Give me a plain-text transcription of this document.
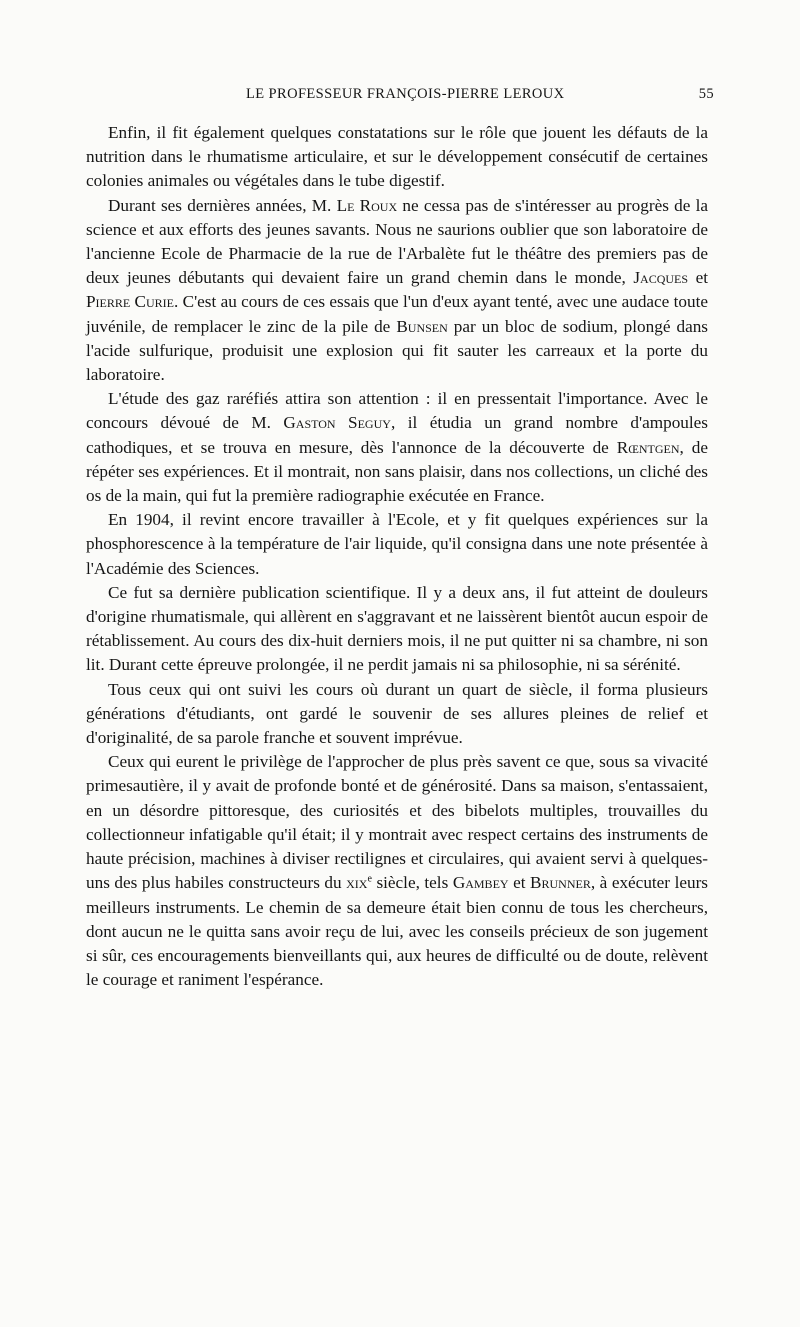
LE PROFESSEUR FRANÇOIS-PIERRE LEROUX	55

Enfin, il fit également quelques constatations sur le rôle que jouent les défauts de la nutrition dans le rhumatisme articulaire, et sur le développement consécutif de certaines colonies animales ou végétales dans le tube digestif.

Durant ses dernières années, M. Le Roux ne cessa pas de s'intéresser au progrès de la science et aux efforts des jeunes savants. Nous ne saurions oublier que son laboratoire de l'ancienne Ecole de Pharmacie de la rue de l'Arbalète fut le théâtre des premiers pas de deux jeunes débutants qui devaient faire un grand chemin dans le monde, Jacques et Pierre Curie. C'est au cours de ces essais que l'un d'eux ayant tenté, avec une audace toute juvénile, de remplacer le zinc de la pile de Bunsen par un bloc de sodium, plongé dans l'acide sulfurique, produisit une explosion qui fit sauter les carreaux et la porte du laboratoire.

L'étude des gaz raréfiés attira son attention : il en pressentait l'importance. Avec le concours dévoué de M. Gaston Seguy, il étudia un grand nombre d'ampoules cathodiques, et se trouva en mesure, dès l'annonce de la découverte de Rœntgen, de répéter ses expériences. Et il montrait, non sans plaisir, dans nos collections, un cliché des os de la main, qui fut la première radiographie exécutée en France.

En 1904, il revint encore travailler à l'Ecole, et y fit quelques expériences sur la phosphorescence à la température de l'air liquide, qu'il consigna dans une note présentée à l'Académie des Sciences.

Ce fut sa dernière publication scientifique. Il y a deux ans, il fut atteint de douleurs d'origine rhumatismale, qui allèrent en s'aggravant et ne laissèrent bientôt aucun espoir de rétablissement. Au cours des dix-huit derniers mois, il ne put quitter ni sa chambre, ni son lit. Durant cette épreuve prolongée, il ne perdit jamais ni sa philosophie, ni sa sérénité.

Tous ceux qui ont suivi les cours où durant un quart de siècle, il forma plusieurs générations d'étudiants, ont gardé le souvenir de ses allures pleines de relief et d'originalité, de sa parole franche et souvent imprévue.

Ceux qui eurent le privilège de l'approcher de plus près savent ce que, sous sa vivacité primesautière, il y avait de profonde bonté et de générosité. Dans sa maison, s'entassaient, en un désordre pittoresque, des curiosités et des bibelots multiples, trouvailles du collectionneur infatigable qu'il était; il y montrait avec respect certains des instruments de haute précision, machines à diviser rectilignes et circulaires, qui avaient servi à quelques-uns des plus habiles constructeurs du xix$^e$ siècle, tels Gambey et Brunner, à exécuter leurs meilleurs instruments. Le chemin de sa demeure était bien connu de tous les chercheurs, dont aucun ne le quitta sans avoir reçu de lui, avec les conseils précieux de son jugement si sûr, ces encouragements bienveillants qui, aux heures de difficulté ou de doute, relèvent le courage et raniment l'espérance.
